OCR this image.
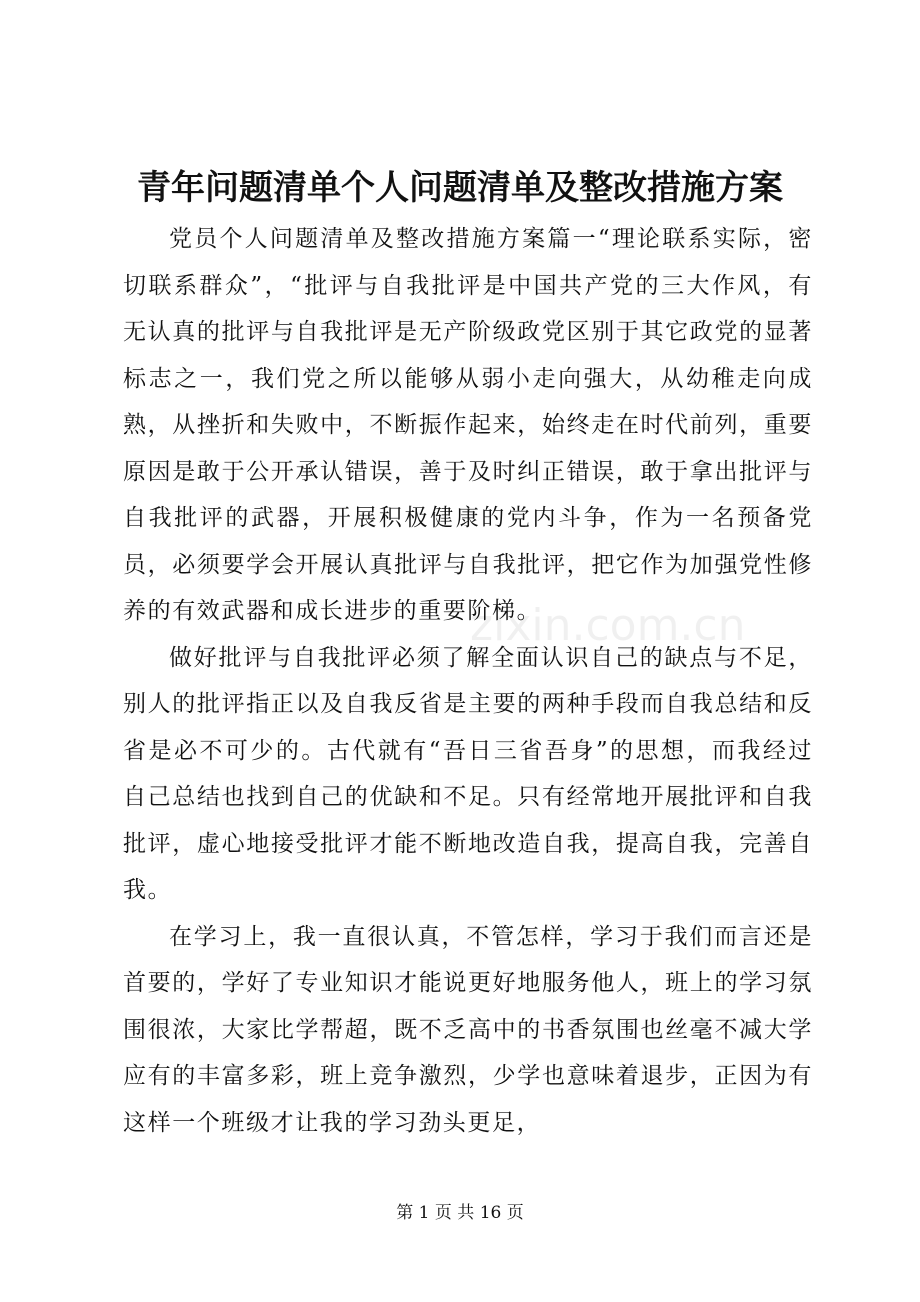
青年问题清单个人问题清单及整改措施方案

党员个人问题清单及整改措施方案篇一“理论联系实际，密切联系群众”，“批评与自我批评是中国共产党的三大作风，有无认真的批评与自我批评是无产阶级政党区别于其它政党的显著标志之一，我们党之所以能够从弱小走向强大，从幼稚走向成熟，从挫折和失败中，不断振作起来，始终走在时代前列，重要原因是敢于公开承认错误，善于及时纠正错误，敢于拿出批评与自我批评的武器，开展积极健康的党内斗争，作为一名预备党员，必须要学会开展认真批评与自我批评，把它作为加强党性修养的有效武器和成长进步的重要阶梯。

做好批评与自我批评必须了解全面认识自己的缺点与不足，别人的批评指正以及自我反省是主要的两种手段而自我总结和反省是必不可少的。古代就有“吾日三省吾身”的思想，而我经过自己总结也找到自己的优缺和不足。只有经常地开展批评和自我批评，虚心地接受批评才能不断地改造自我，提高自我，完善自我。

在学习上，我一直很认真，不管怎样，学习于我们而言还是首要的，学好了专业知识才能说更好地服务他人，班上的学习氛围很浓，大家比学帮超，既不乏高中的书香氛围也丝毫不减大学应有的丰富多彩，班上竞争激烈，少学也意味着退步，正因为有这样一个班级才让我的学习劲头更足，

zixin.com.cn
第 1 页 共 16 页
